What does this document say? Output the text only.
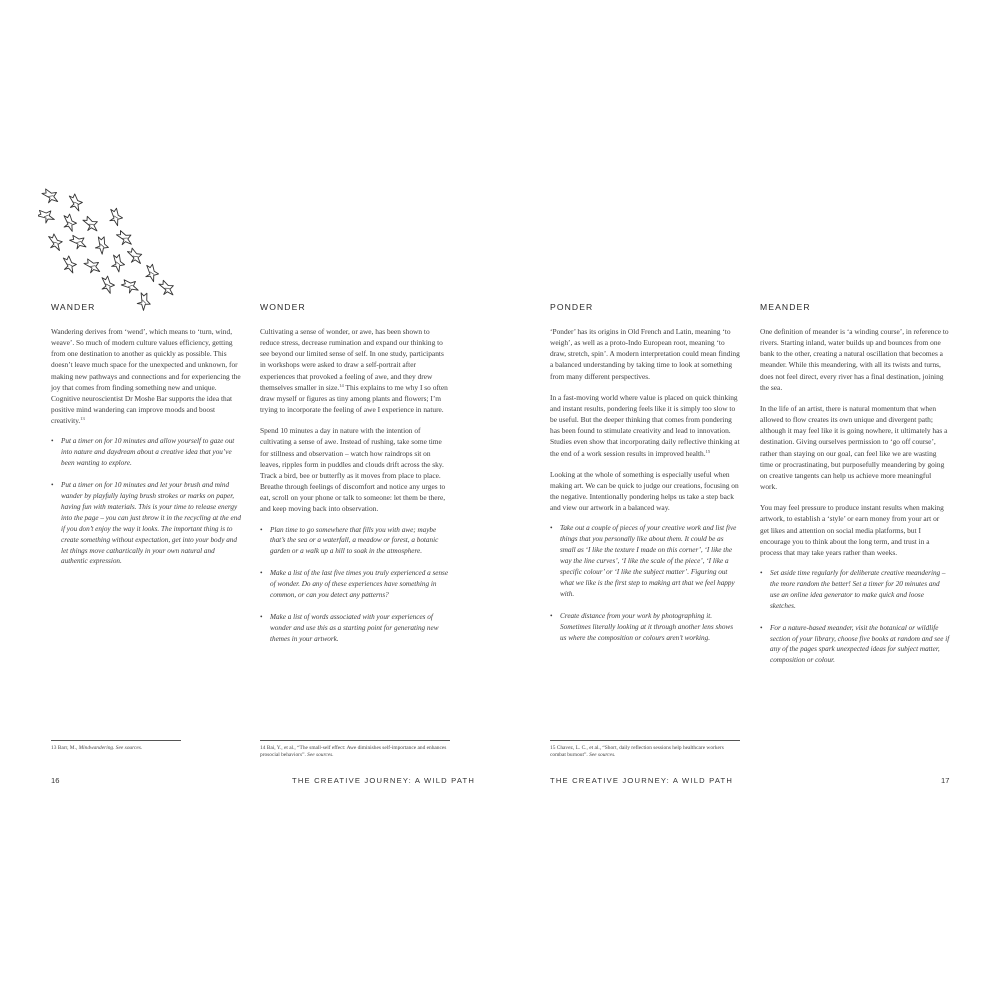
WANDER

Wandering derives from ‘wend’, which means to ‘turn, wind, weave’. So much of modern culture values efficiency, getting from one destination to another as quickly as possible. This doesn’t leave much space for the unexpected and unknown, for making new pathways and connections and for experiencing the joy that comes from finding something new and unique. Cognitive neuroscientist Dr Moshe Bar supports the idea that positive mind wandering can improve moods and boost creativity.$^{13}$

• Put a timer on for 10 minutes and allow yourself to gaze out into nature and daydream about a creative idea that you’ve been wanting to explore.
• Put a timer on for 10 minutes and let your brush and mind wander by playfully laying brush strokes or marks on paper, having fun with materials. This is your time to release energy into the page – you can just throw it in the recycling at the end if you don’t enjoy the way it looks. The important thing is to create something without expectation, get into your body and let things move cathartically in your own natural and authentic expression.
WONDER

Cultivating a sense of wonder, or awe, has been shown to reduce stress, decrease rumination and expand our thinking to see beyond our limited sense of self. In one study, participants in workshops were asked to draw a self-portrait after experiences that provoked a feeling of awe, and they drew themselves smaller in size.$^{14}$ This explains to me why I so often draw myself or figures as tiny among plants and flowers; I’m trying to incorporate the feeling of awe I experience in nature.

Spend 10 minutes a day in nature with the intention of cultivating a sense of awe. Instead of rushing, take some time for stillness and observation – watch how raindrops sit on leaves, ripples form in puddles and clouds drift across the sky. Track a bird, bee or butterfly as it moves from place to place. Breathe through feelings of discomfort and notice any urges to eat, scroll on your phone or talk to someone: let them be there, and keep moving back into observation.

• Plan time to go somewhere that fills you with awe; maybe that’s the sea or a waterfall, a meadow or forest, a botanic garden or a walk up a hill to soak in the atmosphere.
• Make a list of the last five times you truly experienced a sense of wonder. Do any of these experiences have something in common, or can you detect any patterns?
• Make a list of words associated with your experiences of wonder and use this as a starting point for generating new themes in your artwork.
PONDER

‘Ponder’ has its origins in Old French and Latin, meaning ‘to weigh’, as well as a proto-Indo European root, meaning ‘to draw, stretch, spin’. A modern interpretation could mean finding a balanced understanding by taking time to look at something from many different perspectives.

In a fast-moving world where value is placed on quick thinking and instant results, pondering feels like it is simply too slow to be useful. But the deeper thinking that comes from pondering has been found to stimulate creativity and lead to innovation. Studies even show that incorporating daily reflective thinking at the end of a work session results in improved health.$^{15}$

Looking at the whole of something is especially useful when making art. We can be quick to judge our creations, focusing on the negative. Intentionally pondering helps us take a step back and view our artwork in a balanced way.

• Take out a couple of pieces of your creative work and list five things that you personally like about them. It could be as small as ‘I like the texture I made on this corner’, ‘I like the way the line curves’, ‘I like the scale of the piece’, ‘I like a specific colour’ or ‘I like the subject matter’. Figuring out what we like is the first step to making art that we feel happy with.
• Create distance from your work by photographing it. Sometimes literally looking at it through another lens shows us where the composition or colours aren’t working.
MEANDER

One definition of meander is ‘a winding course’, in reference to rivers. Starting inland, water builds up and bounces from one bank to the other, creating a natural oscillation that becomes a meander. While this meandering, with all its twists and turns, does not feel direct, every river has a final destination, joining the sea.

In the life of an artist, there is natural momentum that when allowed to flow creates its own unique and divergent path; although it may feel like it is going nowhere, it ultimately has a destination. Giving ourselves permission to ‘go off course’, rather than staying on our goal, can feel like we are wasting time or procrastinating, but purposefully meandering by going on creative tangents can help us achieve more meaningful work.

You may feel pressure to produce instant results when making artwork, to establish a ‘style’ or earn money from your art or get likes and attention on social media platforms, but I encourage you to think about the long term, and trust in a process that may take years rather than weeks.

• Set aside time regularly for deliberate creative meandering – the more random the better! Set a timer for 20 minutes and use an online idea generator to make quick and loose sketches.
• For a nature-based meander, visit the botanical or wildlife section of your library, choose five books at random and see if any of the pages spark unexpected ideas for subject matter, composition or colour.
13 Barr, M., Mindwandering. See sources.	14 Bai, Y., et al., “The small-self effect: Awe diminishes self-importance and enhances prosocial behaviors”. See sources.
15 Chavez, L. C., et al., “Short, daily reflection sessions help healthcare workers combat burnout”. See sources.
16	THE CREATIVE JOURNEY: A WILD PATH	THE CREATIVE JOURNEY: A WILD PATH	17
